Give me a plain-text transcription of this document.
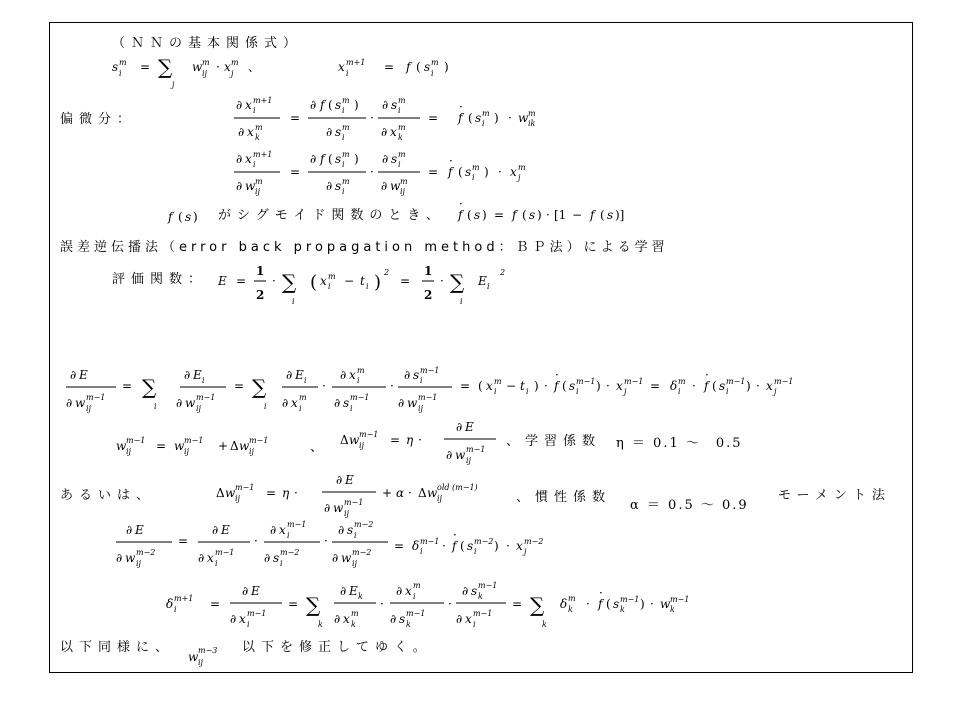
（ＮＮの基本関係式）
偏微分：
がシグモイド関数のとき、
誤差逆伝播法（error back propagation method：ＢＰ法）による学習
評価関数：
、	、学習係数 η ＝ 0.1 ～　0.5
あるいは、	、慣性係数
α ＝ 0.5 ～ 0.9
モーメント法
以下同様に、	以下を修正してゆく。
s m
i = ∑
j
w m
ij · x m
j 、	x m+1
i	= f ( s m
i )
∂ x m+1
i
∂ x m
k
=
∂ f ( s m
i )
∂ s m
i
·
∂ s m
i
∂ x m
k
= f
·
( s m
i ) · w m
ik
∂ x m+1
i
∂ w m
ij
=
∂ f ( s m
i )
∂ s m
i
·
∂ s m
i
∂ w m
ij
= f
·
( s m
i ) · x m
j
f ( s )	f
·
( s ) = f ( s ) · [1 − f ( s )]
E =
1
2
· ∑
i
( x m
i − t i ) 2
=
1
2
· ∑
i
E i
2
∂ E
∂ w m−1
ij
= ∑
i
∂ E i
∂ w m−1
ij
= ∑
i
∂ E i
∂ x m
i
·
∂ x m
i
∂ s m−1
i
·
∂ s m−1
i
∂ w m−1
ij
= ( x m
i − t i ) · f
·
( s m−1
i ) · x m−1
j = δ m
i · f
·
( s m−1
i ) · x m−1
j
w m−1
ij = w m−1
ij + Δ w m−1
ij
Δ w m−1
ij = η ·
∂ E
∂ w m−1
ij
Δ w m−1
ij = η ·
∂ E
∂ w m−1
ij
+ α · Δ w old (m−1)
ij
∂ E
∂ w m−2
ij
=
∂ E
∂ x m−1
i
·
∂ x m−1
i
∂ s m−2
i
·
∂ s m−2
i
∂ w m−2
ij
= δ m−1
i · f
·
( s m−2
i ) · x m−2
j
δ m+1
i	=
∂ E
∂ x m−1
i
= ∑
k
∂ E k
∂ x m
k
·
∂ x m
i
∂ s m−1
k
·
∂ s m−1
k
∂ x m−1
i
= ∑
k
δ m
k · f
·
( s m−1
k ) · w m−1
k
w m−3
ij
